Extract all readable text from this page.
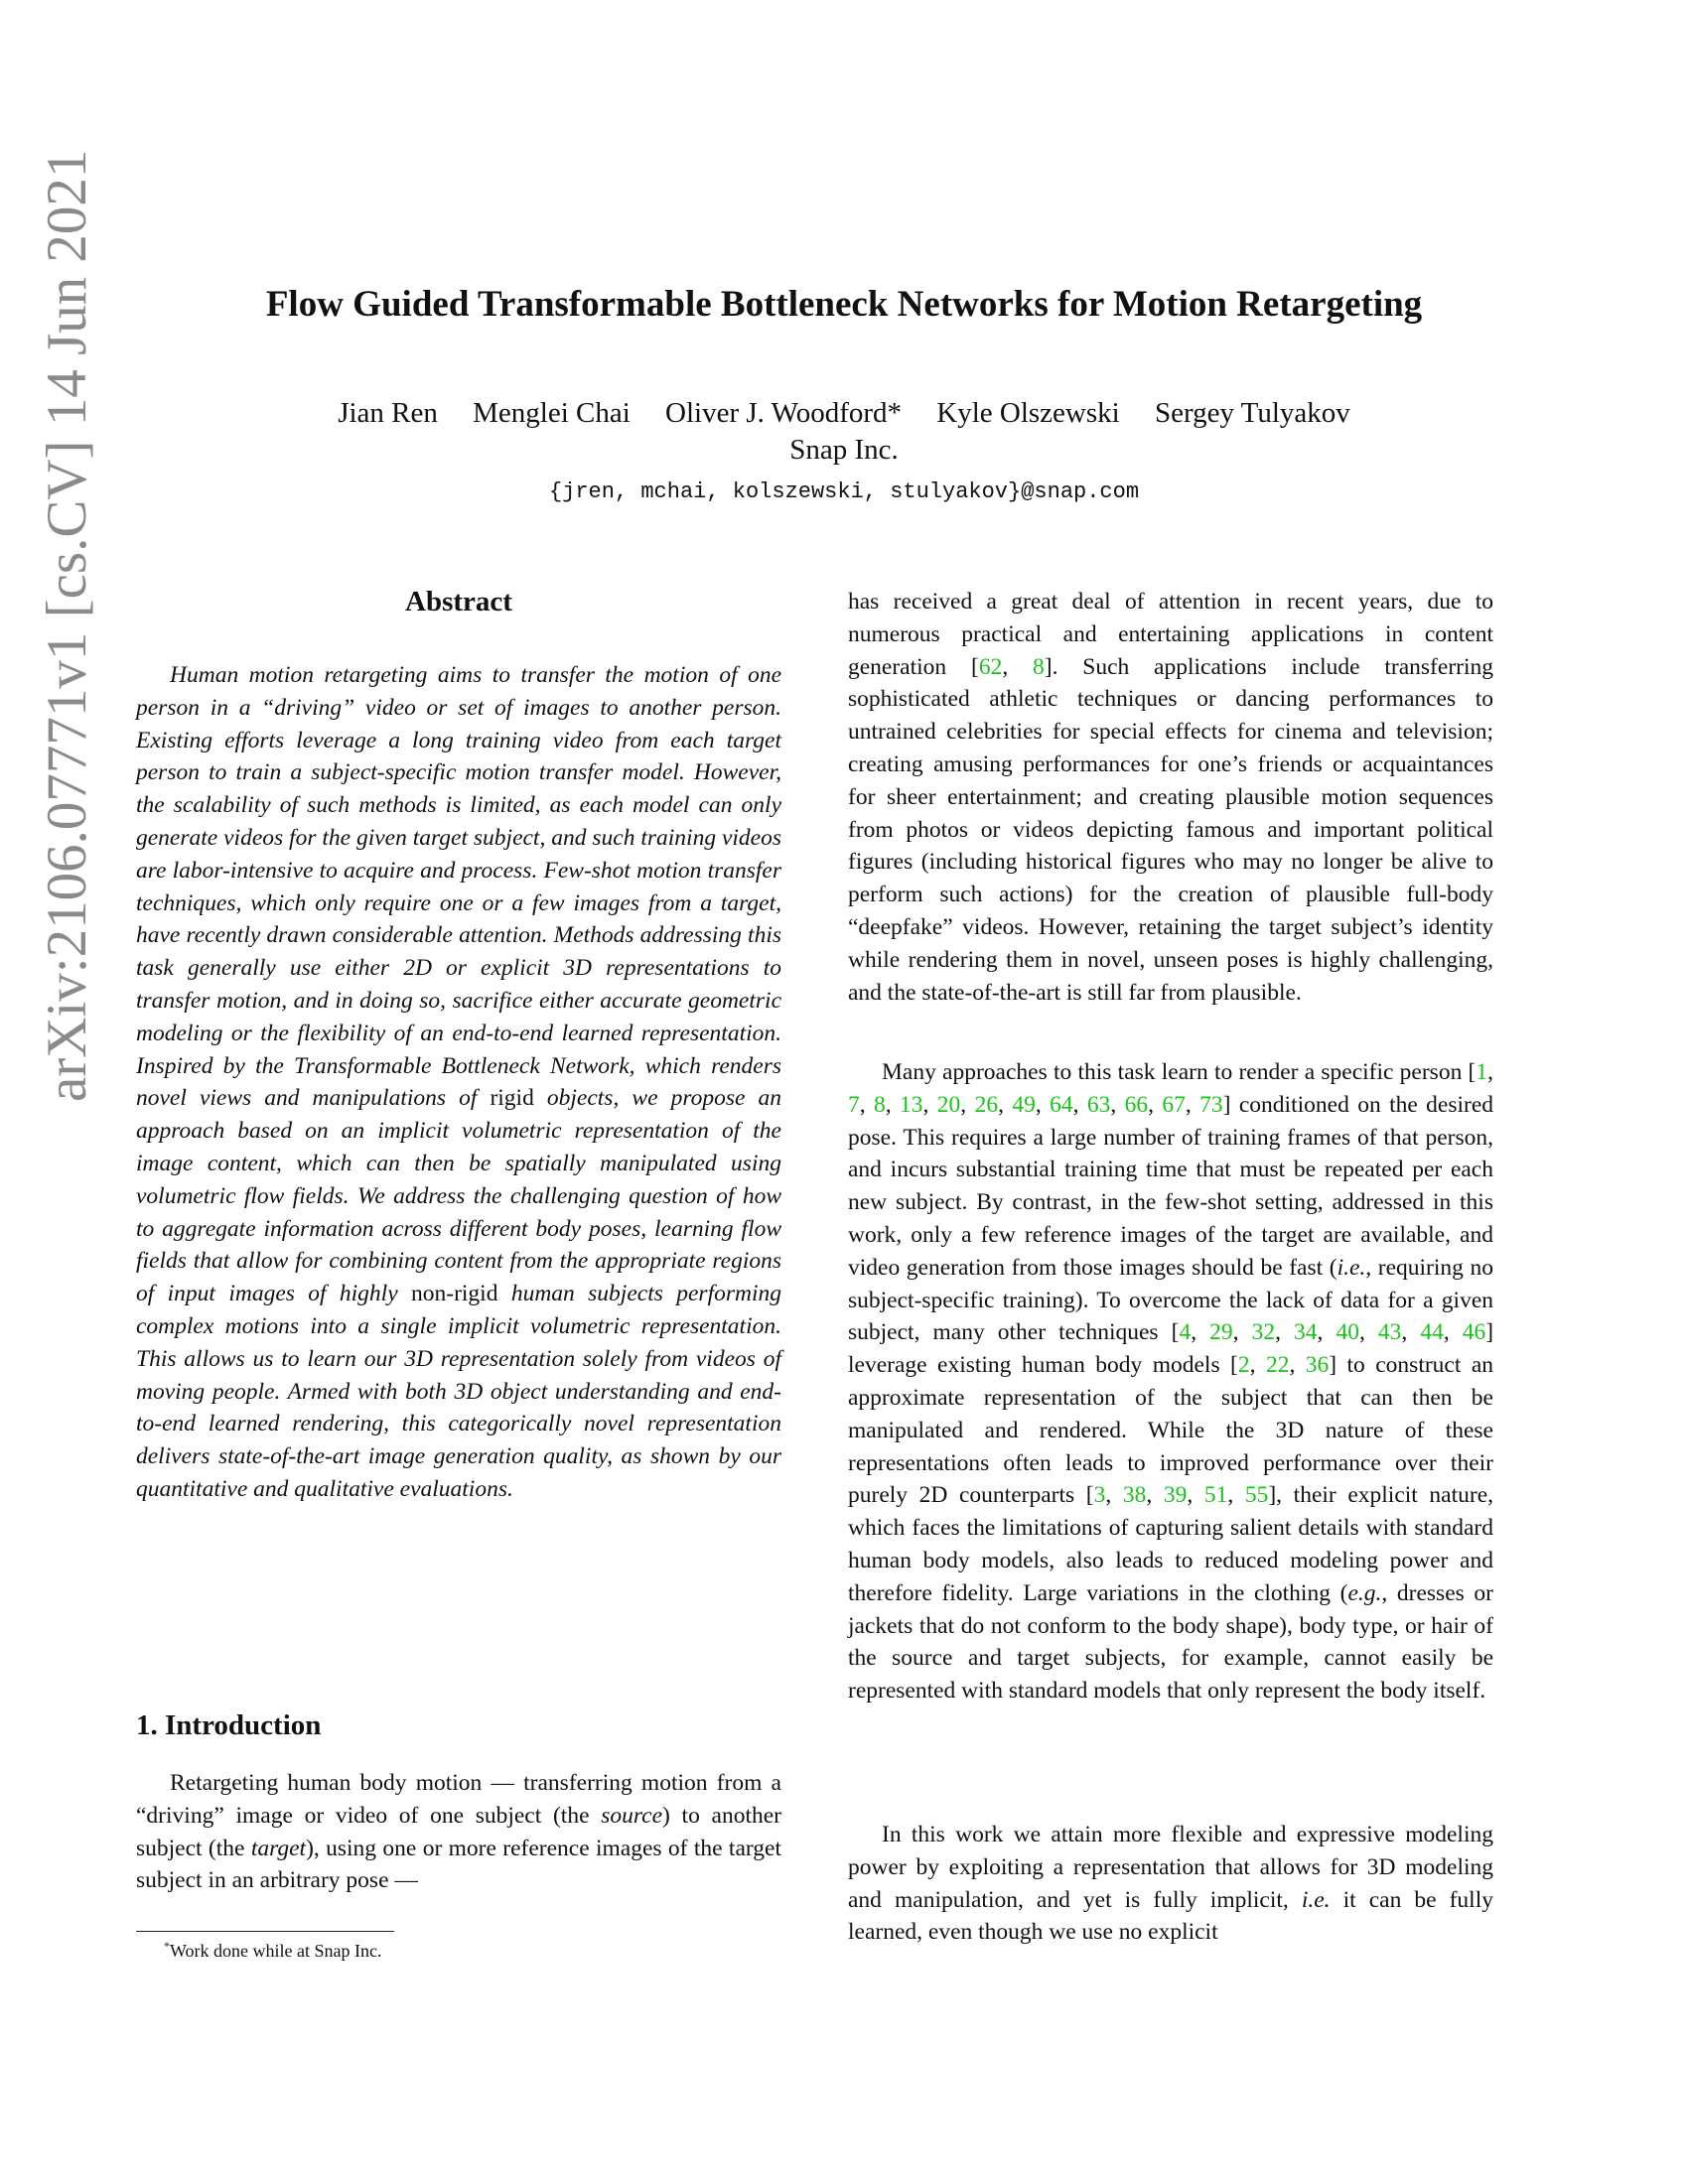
arXiv:2106.07771v1 [cs.CV] 14 Jun 2021	Flow Guided Transformable Bottleneck Networks for Motion Retargeting
Jian Ren Menglei Chai Oliver J. Woodford* Kyle Olszewski Sergey Tulyakov
Snap Inc.
{jren, mchai, kolszewski, stulyakov}@snap.com
Abstract

Human motion retargeting aims to transfer the motion of one person in a “driving” video or set of images to another person. Existing efforts leverage a long training video from each target person to train a subject-specific motion transfer model. However, the scalability of such methods is limited, as each model can only generate videos for the given target subject, and such training videos are labor-intensive to acquire and process. Few-shot motion transfer techniques, which only require one or a few images from a target, have recently drawn considerable attention. Methods addressing this task generally use either 2D or explicit 3D representations to transfer motion, and in doing so, sacrifice either accurate geometric modeling or the flexibility of an end-to-end learned representation. Inspired by the Transformable Bottleneck Network, which renders novel views and manipulations of rigid objects, we propose an approach based on an implicit volumetric representation of the image content, which can then be spatially manipulated using volumetric flow fields. We address the challenging question of how to aggregate information across different body poses, learning flow fields that allow for combining content from the appropriate regions of input images of highly non-rigid human subjects performing complex motions into a single implicit volumetric representation. This allows us to learn our 3D representation solely from videos of moving people. Armed with both 3D object understanding and end-to-end learned rendering, this categorically novel representation delivers state-of-the-art image generation quality, as shown by our quantitative and qualitative evaluations.

1. Introduction

Retargeting human body motion — transferring motion from a “driving” image or video of one subject (the source) to another subject (the target), using one or more reference images of the target subject in an arbitrary pose —

*Work done while at Snap Inc.

has received a great deal of attention in recent years, due to numerous practical and entertaining applications in content generation [62, 8]. Such applications include transferring sophisticated athletic techniques or dancing performances to untrained celebrities for special effects for cinema and television; creating amusing performances for one’s friends or acquaintances for sheer entertainment; and creating plausible motion sequences from photos or videos depicting famous and important political figures (including historical figures who may no longer be alive to perform such actions) for the creation of plausible full-body “deepfake” videos. However, retaining the target subject’s identity while rendering them in novel, unseen poses is highly challenging, and the state-of-the-art is still far from plausible.

Many approaches to this task learn to render a specific person [1, 7, 8, 13, 20, 26, 49, 64, 63, 66, 67, 73] conditioned on the desired pose. This requires a large number of training frames of that person, and incurs substantial training time that must be repeated per each new subject. By contrast, in the few-shot setting, addressed in this work, only a few reference images of the target are available, and video generation from those images should be fast (i.e., requiring no subject-specific training). To overcome the lack of data for a given subject, many other techniques [4, 29, 32, 34, 40, 43, 44, 46] leverage existing human body models [2, 22, 36] to construct an approximate representation of the subject that can then be manipulated and rendered. While the 3D nature of these representations often leads to improved performance over their purely 2D counterparts [3, 38, 39, 51, 55], their explicit nature, which faces the limitations of capturing salient details with standard human body models, also leads to reduced modeling power and therefore fidelity. Large variations in the clothing (e.g., dresses or jackets that do not conform to the body shape), body type, or hair of the source and target subjects, for example, cannot easily be represented with standard models that only represent the body itself.

In this work we attain more flexible and expressive modeling power by exploiting a representation that allows for 3D modeling and manipulation, and yet is fully implicit, i.e. it can be fully learned, even though we use no explicit
